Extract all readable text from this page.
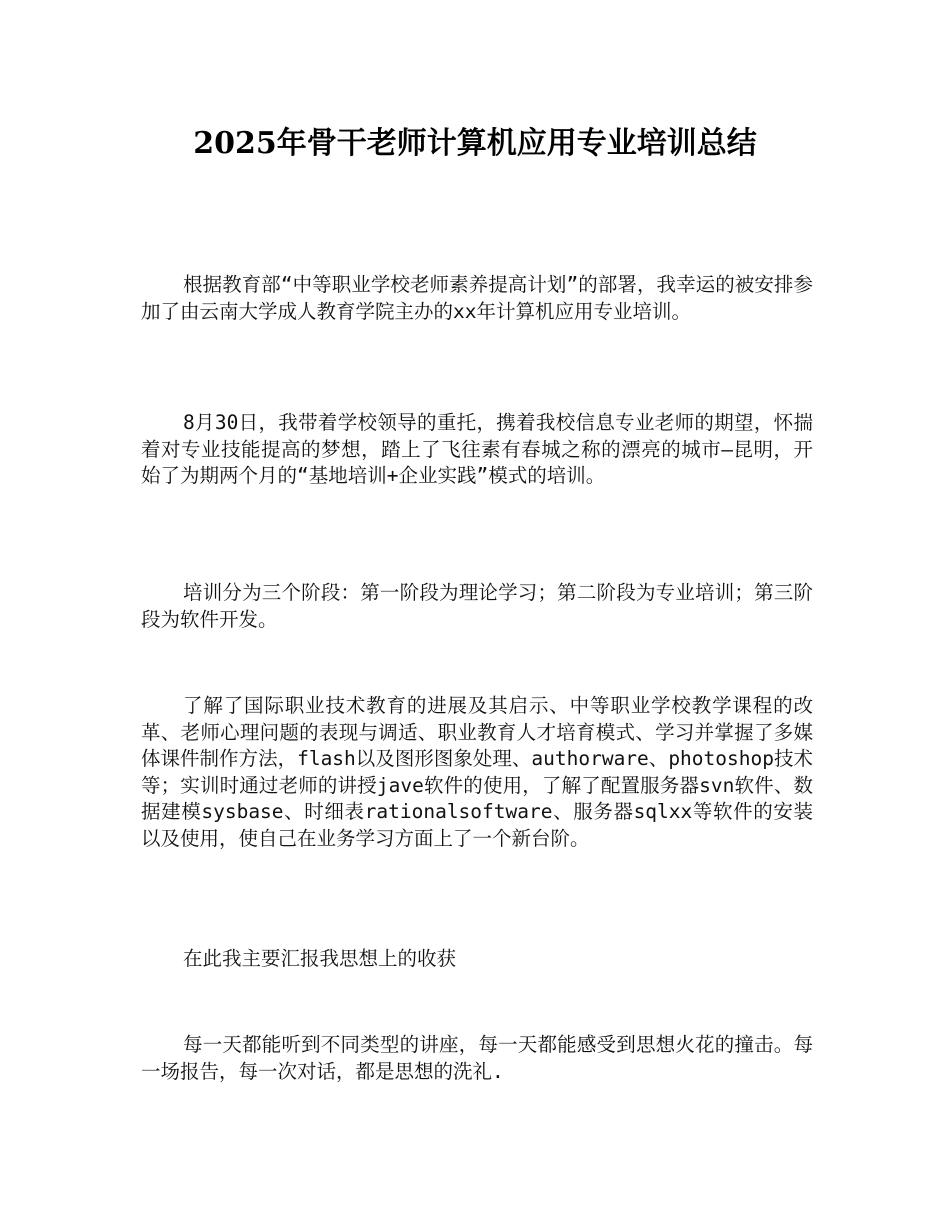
2025年骨干老师计算机应用专业培训总结

根据教育部“中等职业学校老师素养提高计划”的部署，我幸运的被安排参加了由云南大学成人教育学院主办的xx年计算机应用专业培训。

8月30日，我带着学校领导的重托，携着我校信息专业老师的期望，怀揣着对专业技能提高的梦想，踏上了飞往素有春城之称的漂亮的城市—昆明，开始了为期两个月的“基地培训+企业实践”模式的培训。

培训分为三个阶段：第一阶段为理论学习；第二阶段为专业培训；第三阶段为软件开发。

了解了国际职业技术教育的进展及其启示、中等职业学校教学课程的改革、老师心理问题的表现与调适、职业教育人才培育模式、学习并掌握了多媒体课件制作方法，flash以及图形图象处理、authorware、photoshop技术等；实训时通过老师的讲授jave软件的使用，了解了配置服务器svn软件、数据建模sysbase、时细表rationalsoftware、服务器sqlxx等软件的安装以及使用，使自己在业务学习方面上了一个新台阶。

在此我主要汇报我思想上的收获

每一天都能听到不同类型的讲座，每一天都能感受到思想火花的撞击。每一场报告，每一次对话，都是思想的洗礼.
